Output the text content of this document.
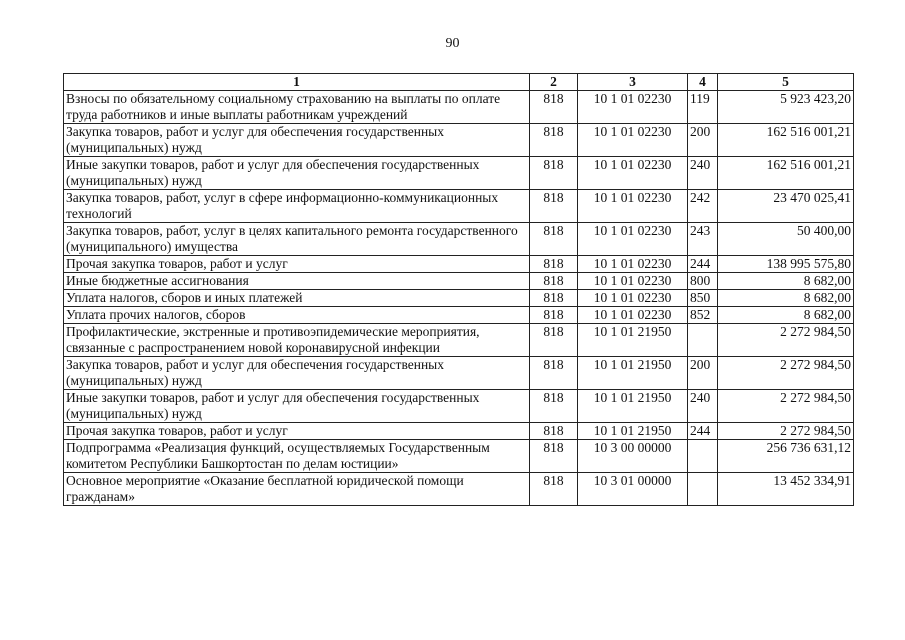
90
1	2	3	4	5
Взносы по обязательному социальному страхованию на выплаты по оплате труда работников и иные выплаты работникам учреждений	818	10 1 01 02230	119	5 923 423,20
Закупка товаров, работ и услуг для обеспечения государственных (муниципальных) нужд	818	10 1 01 02230	200	162 516 001,21
Иные закупки товаров, работ и услуг для обеспечения государственных (муниципальных) нужд	818	10 1 01 02230	240	162 516 001,21
Закупка товаров, работ, услуг в сфере информационно-коммуникационных технологий	818	10 1 01 02230	242	23 470 025,41
Закупка товаров, работ, услуг в целях капитального ремонта государственного (муниципального) имущества	818	10 1 01 02230	243	50 400,00
Прочая закупка товаров, работ и услуг	818	10 1 01 02230	244	138 995 575,80
Иные бюджетные ассигнования	818	10 1 01 02230	800	8 682,00
Уплата налогов, сборов и иных платежей	818	10 1 01 02230	850	8 682,00
Уплата прочих налогов, сборов	818	10 1 01 02230	852	8 682,00
Профилактические, экстренные и противоэпидемические мероприятия, связанные с распространением новой коронавирусной инфекции	818	10 1 01 21950		2 272 984,50
Закупка товаров, работ и услуг для обеспечения государственных (муниципальных) нужд	818	10 1 01 21950	200	2 272 984,50
Иные закупки товаров, работ и услуг для обеспечения государственных (муниципальных) нужд	818	10 1 01 21950	240	2 272 984,50
Прочая закупка товаров, работ и услуг	818	10 1 01 21950	244	2 272 984,50
Подпрограмма «Реализация функций, осуществляемых Государственным комитетом Республики Башкортостан по делам юстиции»	818	10 3 00 00000		256 736 631,12
Основное мероприятие «Оказание бесплатной юридической помощи гражданам»	818	10 3 01 00000		13 452 334,91
